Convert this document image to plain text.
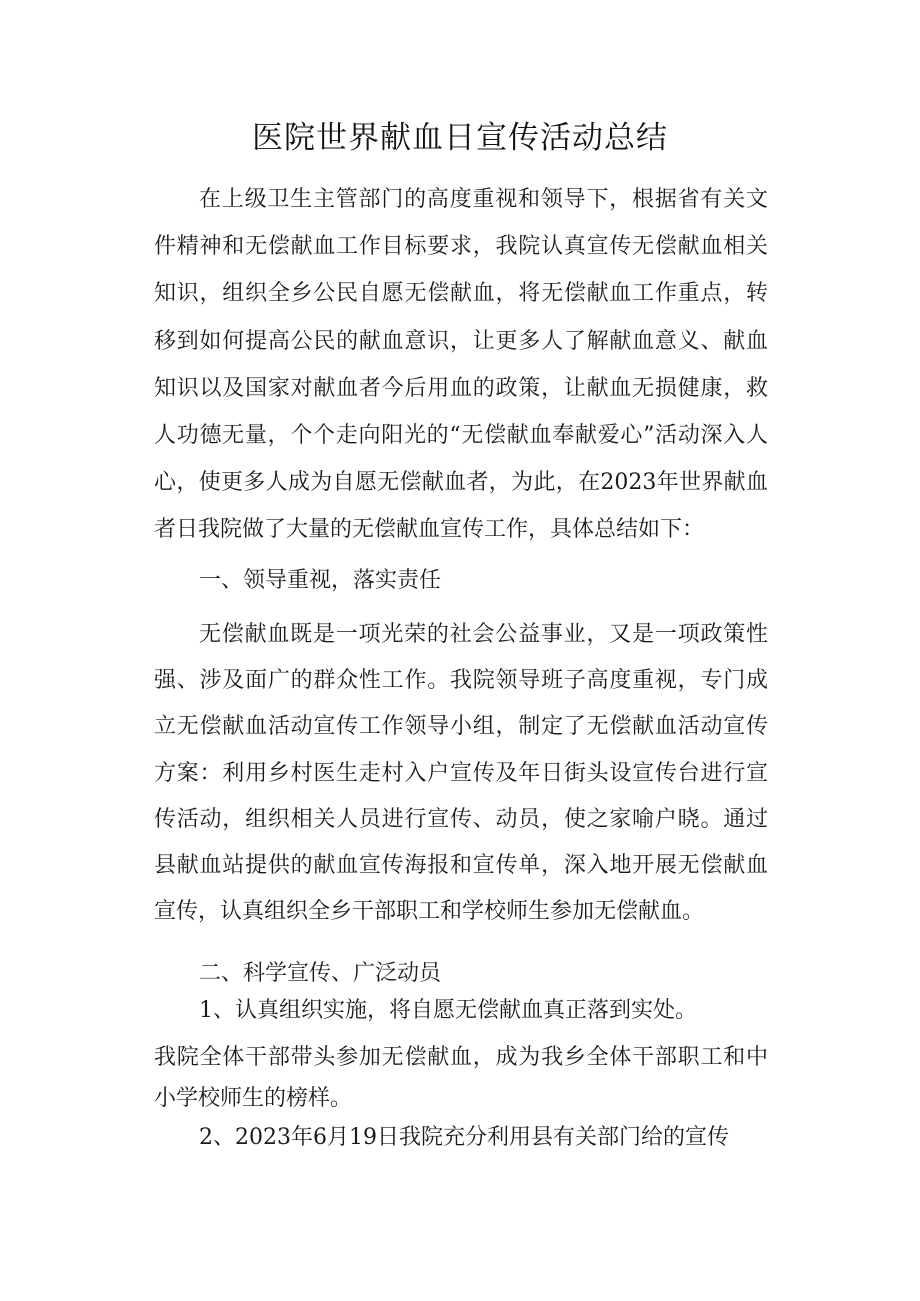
医院世界献血日宣传活动总结

在上级卫生主管部门的高度重视和领导下，根据省有关文件精神和无偿献血工作目标要求，我院认真宣传无偿献血相关知识，组织全乡公民自愿无偿献血，将无偿献血工作重点，转移到如何提高公民的献血意识，让更多人了解献血意义、献血知识以及国家对献血者今后用血的政策，让献血无损健康，救人功德无量，个个走向阳光的“无偿献血奉献爱心”活动深入人心，使更多人成为自愿无偿献血者，为此，在2023年世界献血者日我院做了大量的无偿献血宣传工作，具体总结如下：

一、领导重视，落实责任

无偿献血既是一项光荣的社会公益事业，又是一项政策性强、涉及面广的群众性工作。我院领导班子高度重视，专门成立无偿献血活动宣传工作领导小组，制定了无偿献血活动宣传方案：利用乡村医生走村入户宣传及年日街头设宣传台进行宣传活动，组织相关人员进行宣传、动员，使之家喻户晓。通过县献血站提供的献血宣传海报和宣传单，深入地开展无偿献血宣传，认真组织全乡干部职工和学校师生参加无偿献血。

二、科学宣传、广泛动员

1、认真组织实施，将自愿无偿献血真正落到实处。

我院全体干部带头参加无偿献血，成为我乡全体干部职工和中小学校师生的榜样。

2、2023年6月19日我院充分利用县有关部门给的宣传
